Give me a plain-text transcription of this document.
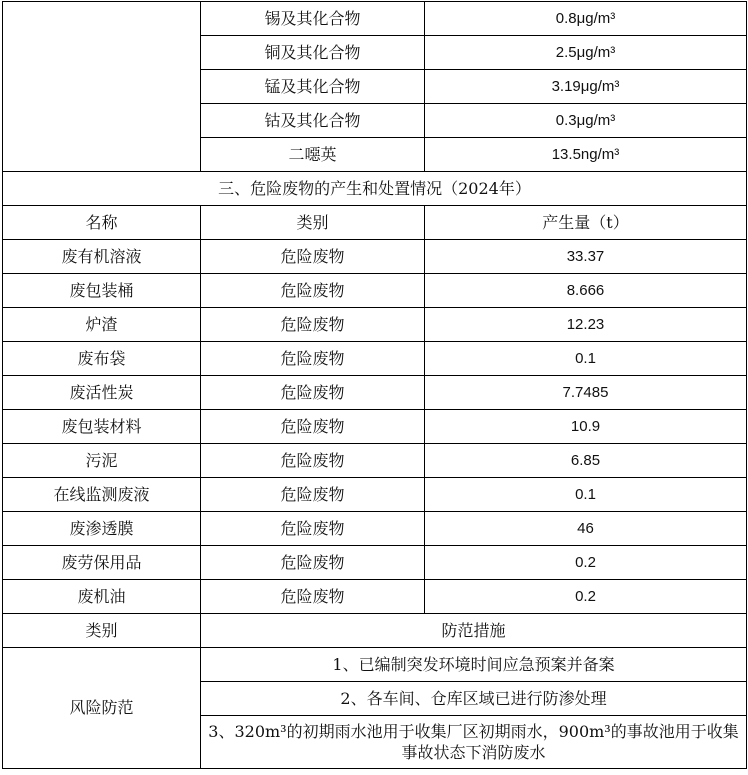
	锡及其化合物	0.8μg/m³
	铜及其化合物	2.5μg/m³
	锰及其化合物	3.19μg/m³
	钴及其化合物	0.3μg/m³
	二噁英	13.5ng/m³
三、危险废物的产生和处置情况（2024年）		
名称	类别	产生量（t）
废有机溶液	危险废物	33.37
废包装桶	危险废物	8.666
炉渣	危险废物	12.23
废布袋	危险废物	0.1
废活性炭	危险废物	7.7485
废包装材料	危险废物	10.9
污泥	危险废物	6.85
在线监测废液	危险废物	0.1
废渗透膜	危险废物	46
废劳保用品	危险废物	0.2
废机油	危险废物	0.2
类别	防范措施	
风险防范	1、已编制突发环境时间应急预案并备案	
	2、各车间、仓库区域已进行防渗处理	
	3、320m³的初期雨水池用于收集厂区初期雨水，900m³的事故池用于收集事故状态下消防废水	
